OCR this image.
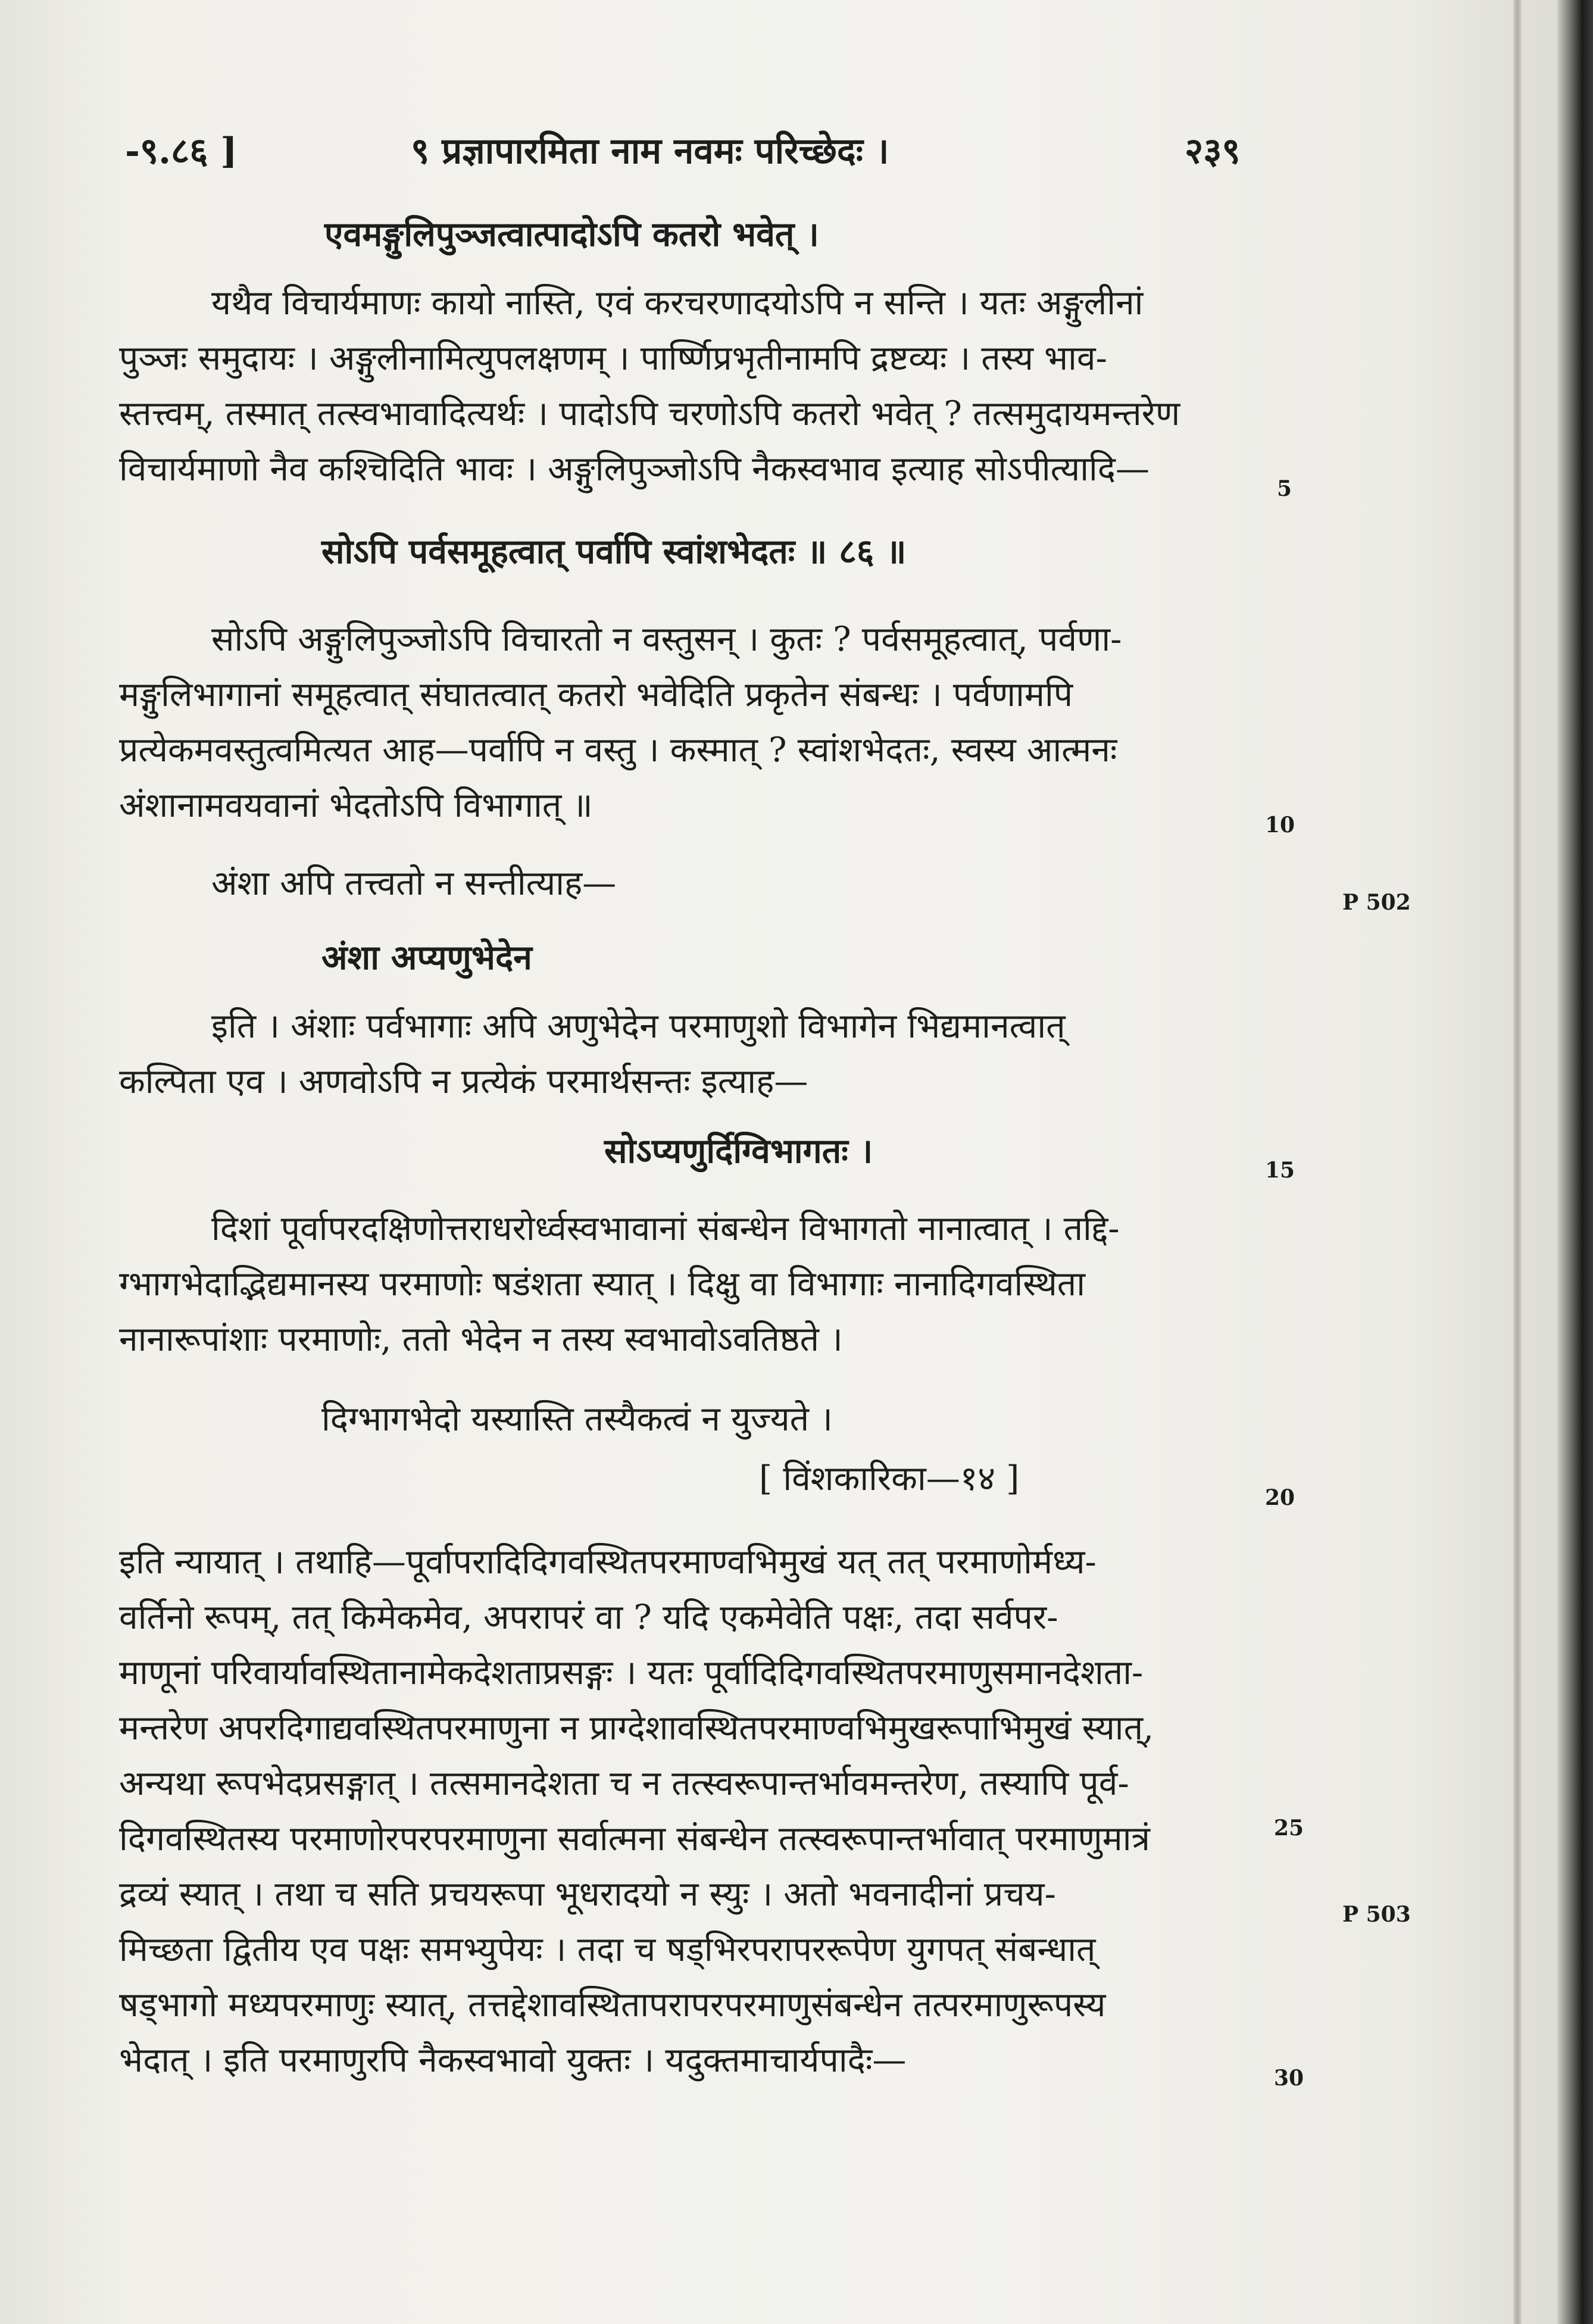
-९.८६ ]	९ प्रज्ञापारमिता नाम नवमः परिच्छेदः ।	२३९
एवमङ्गुलिपुञ्जत्वात्पादोऽपि कतरो भवेत् ।
यथैव विचार्यमाणः कायो नास्ति, एवं करचरणादयोऽपि न सन्ति । यतः अङ्गुलीनां
पुञ्जः समुदायः । अङ्गुलीनामित्युपलक्षणम् । पार्ष्णिप्रभृतीनामपि द्रष्टव्यः । तस्य भाव-
स्तत्त्वम्, तस्मात् तत्स्वभावादित्यर्थः । पादोऽपि चरणोऽपि कतरो भवेत् ? तत्समुदायमन्तरेण
विचार्यमाणो नैव कश्चिदिति भावः । अङ्गुलिपुञ्जोऽपि नैकस्वभाव इत्याह सोऽपीत्यादि—
सोऽपि पर्वसमूहत्वात् पर्वापि स्वांशभेदतः ॥ ८६ ॥
सोऽपि अङ्गुलिपुञ्जोऽपि विचारतो न वस्तुसन् । कुतः ? पर्वसमूहत्वात्, पर्वणा-
मङ्गुलिभागानां समूहत्वात् संघातत्वात् कतरो भवेदिति प्रकृतेन संबन्धः । पर्वणामपि
प्रत्येकमवस्तुत्वमित्यत आह—पर्वापि न वस्तु । कस्मात् ? स्वांशभेदतः, स्वस्य आत्मनः
अंशानामवयवानां भेदतोऽपि विभागात् ॥
अंशा अपि तत्त्वतो न सन्तीत्याह—
अंशा अप्यणुभेदेन
इति । अंशाः पर्वभागाः अपि अणुभेदेन परमाणुशो विभागेन भिद्यमानत्वात्
कल्पिता एव । अणवोऽपि न प्रत्येकं परमार्थसन्तः इत्याह—
सोऽप्यणुर्दिग्विभागतः ।
दिशां पूर्वापरदक्षिणोत्तराधरोर्ध्वस्वभावानां संबन्धेन विभागतो नानात्वात् । तद्दि-
ग्भागभेदाद्भिद्यमानस्य परमाणोः षडंशता स्यात् । दिक्षु वा विभागाः नानादिगवस्थिता
नानारूपांशाः परमाणोः, ततो भेदेन न तस्य स्वभावोऽवतिष्ठते ।
दिग्भागभेदो यस्यास्ति तस्यैकत्वं न युज्यते ।
[ विंशकारिका—१४ ]
इति न्यायात् । तथाहि—पूर्वापरादिदिगवस्थितपरमाण्वभिमुखं यत् तत् परमाणोर्मध्य-
वर्तिनो रूपम्, तत् किमेकमेव, अपरापरं वा ? यदि एकमेवेति पक्षः, तदा सर्वपर-
माणूनां परिवार्यावस्थितानामेकदेशताप्रसङ्गः । यतः पूर्वादिदिगवस्थितपरमाणुसमानदेशता-
मन्तरेण अपरदिगाद्यवस्थितपरमाणुना न प्राग्देशावस्थितपरमाण्वभिमुखरूपाभिमुखं स्यात्,
अन्यथा रूपभेदप्रसङ्गात् । तत्समानदेशता च न तत्स्वरूपान्तर्भावमन्तरेण, तस्यापि पूर्व-
दिगवस्थितस्य परमाणोरपरपरमाणुना सर्वात्मना संबन्धेन तत्स्वरूपान्तर्भावात् परमाणुमात्रं
द्रव्यं स्यात् । तथा च सति प्रचयरूपा भूधरादयो न स्युः । अतो भवनादीनां प्रचय-
मिच्छता द्वितीय एव पक्षः समभ्युपेयः । तदा च षड्भिरपरापररूपेण युगपत् संबन्धात्
षड्भागो मध्यपरमाणुः स्यात्, तत्तद्देशावस्थितापरापरपरमाणुसंबन्धेन तत्परमाणुरूपस्य
भेदात् । इति परमाणुरपि नैकस्वभावो युक्तः । यदुक्तमाचार्यपादैः—
5
10
15
20
25
30
P 502
P 503
